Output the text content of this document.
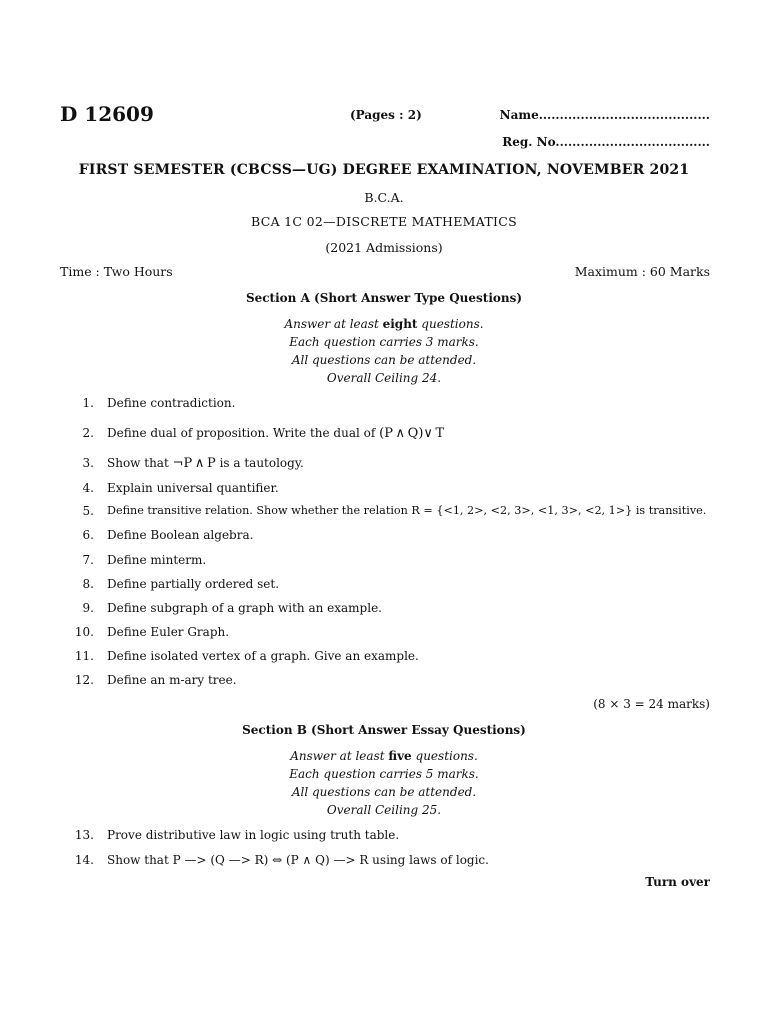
D 12609	(Pages : 2)	Name.........................................
Reg. No.....................................
FIRST SEMESTER (CBCSS—UG) DEGREE EXAMINATION, NOVEMBER 2021
B.C.A.
BCA 1C 02—DISCRETE MATHEMATICS
(2021 Admissions)
Time : Two Hours	Maximum : 60 Marks
Section A (Short Answer Type Questions)
Answer at least eight questions.
Each question carries 3 marks.
All questions can be attended.
Overall Ceiling 24.
1. Define contradiction.
2. Define dual of proposition. Write the dual of (P ∧ Q)∨ T
3. Show that ¬P ∧ P is a tautology.
4. Explain universal quantifier.
5. Define transitive relation. Show whether the relation R = {<1, 2>, <2, 3>, <1, 3>, <2, 1>} is transitive.
6. Define Boolean algebra.
7. Define minterm.
8. Define partially ordered set.
9. Define subgraph of a graph with an example.
10. Define Euler Graph.
11. Define isolated vertex of a graph. Give an example.
12. Define an m-ary tree.
(8 × 3 = 24 marks)
Section B (Short Answer Essay Questions)
Answer at least five questions.
Each question carries 5 marks.
All questions can be attended.
Overall Ceiling 25.
13. Prove distributive law in logic using truth table.
14. Show that P —> (Q —> R) ⇔ (P ∧ Q) —> R using laws of logic.
Turn over
